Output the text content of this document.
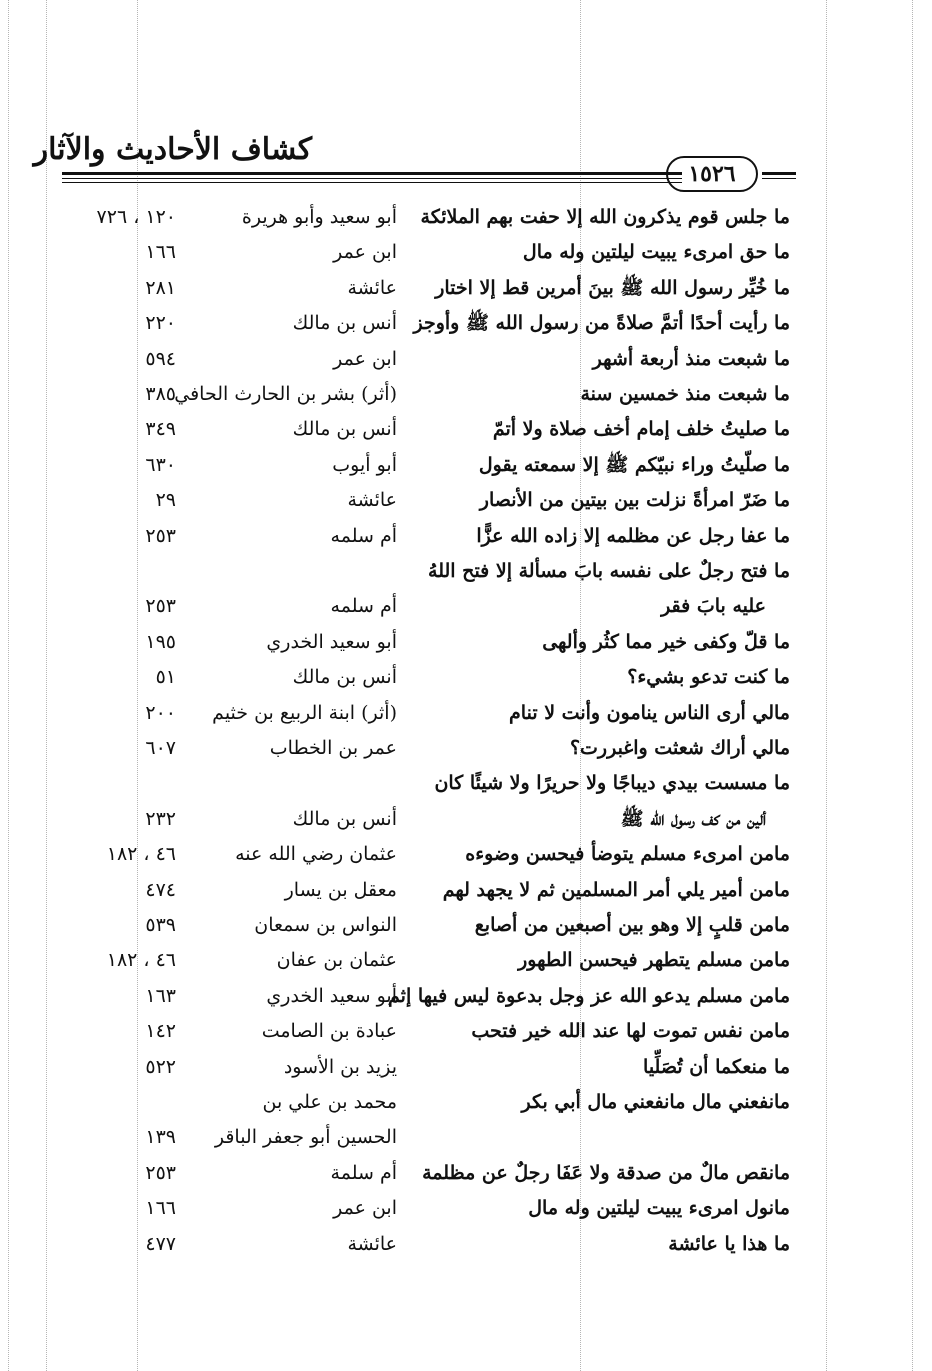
كشاف الأحاديث والآثار
١٥٢٦
ما جلس قوم يذكرون الله إلا حفت بهم الملائكة
أبو سعيد وأبو هريرة
١٢٠ ، ٧٢٦
ما حق امرىء يبيت ليلتين وله مال
ابن عمر
١٦٦
ما خُيِّر رسول الله ﷺ بينَ أمرين قط إلا اختار
عائشة
٢٨١
ما رأيت أحدًا أتمَّ صلاةً من رسول الله ﷺ وأوجز
أنس بن مالك
٢٢٠
ما شبعت منذ أربعة أشهر
ابن عمر
٥٩٤
ما شبعت منذ خمسين سنة
(أثر) بشر بن الحارث الحافي
٣٨٥
ما صليتُ خلف إمام أخف صلاة ولا أتمّ
أنس بن مالك
٣٤٩
ما صلّيتُ وراء نبيّكم ﷺ إلا سمعته يقول
أبو أيوب
٦٣٠
ما ضَرّ امرأةً نزلت بين بيتين من الأنصار
عائشة
٢٩
ما عفا رجل عن مظلمه إلا زاده الله عزًّا
أم سلمه
٢٥٣
ما فتح رجلٌ على نفسه بابَ مسألة إلا فتح اللهُ
عليه بابَ فقر
أم سلمه
٢٥٣
ما قلّ وكفى خير مما كثُر وألهى
أبو سعيد الخدري
١٩٥
ما كنت تدعو بشيء؟
أنس بن مالك
٥١
مالي أرى الناس ينامون وأنت لا تنام
(أثر) ابنة الربيع بن خثيم
٢٠٠
مالي أراك شعثت واغبررت؟
عمر بن الخطاب
٦٠٧
ما مسست بيدي ديباجًا ولا حريرًا ولا شيئًا كان
ألين من كف رسول الله ﷺ
أنس بن مالك
٢٣٢
مامن امرىء مسلم يتوضأ فيحسن وضوءه
عثمان رضي الله عنه
٤٦ ، ١٨٢
مامن أمير يلي أمر المسلمين ثم لا يجهد لهم
معقل بن يسار
٤٧٤
مامن قلبٍ إلا وهو بين أصبعين من أصابع
النواس بن سمعان
٥٣٩
مامن مسلم يتطهر فيحسن الطهور
عثمان بن عفان
٤٦ ، ١٨٢
مامن مسلم يدعو الله عز وجل بدعوة ليس فيها إثم
أبو سعيد الخدري
١٦٣
مامن نفس تموت لها عند الله خير فتحب
عبادة بن الصامت
١٤٢
ما منعكما أن تُصَلِّيا
يزيد بن الأسود
٥٢٢
مانفعني مال مانفعني مال أبي بكر
محمد بن علي بن
الحسين أبو جعفر الباقر
١٣٩
مانقص مالٌ من صدقة ولا عَفَا رجلٌ عن مظلمة
أم سلمة
٢٥٣
مانول امرىء يبيت ليلتين وله مال
ابن عمر
١٦٦
ما هذا يا عائشة
عائشة
٤٧٧
